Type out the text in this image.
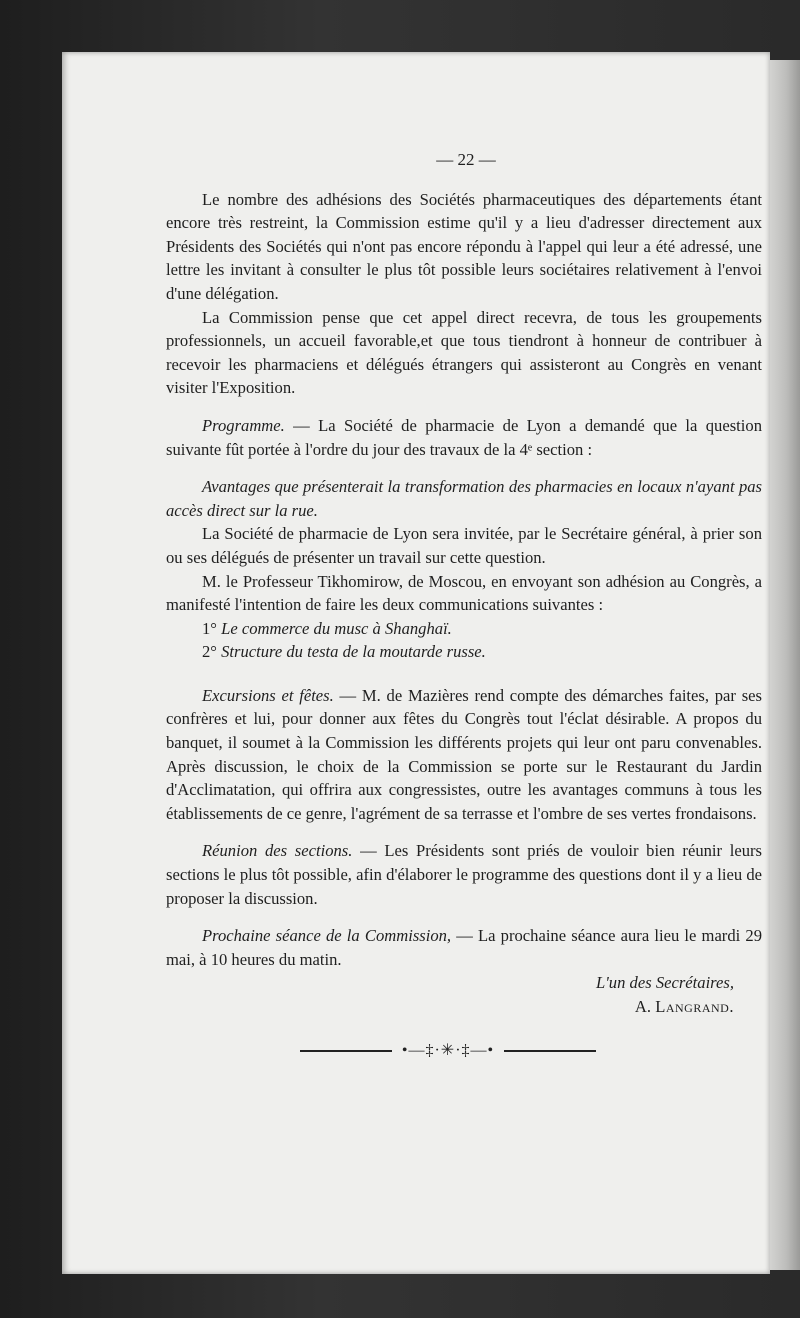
— 22 —

Le nombre des adhésions des Sociétés pharmaceutiques des départements étant encore très restreint, la Commission estime qu'il y a lieu d'adresser directement aux Présidents des Sociétés qui n'ont pas encore répondu à l'appel qui leur a été adressé, une lettre les invitant à consulter le plus tôt possible leurs sociétaires relativement à l'envoi d'une délégation.

La Commission pense que cet appel direct recevra, de tous les groupements professionnels, un accueil favorable,et que tous tiendront à honneur de contribuer à recevoir les pharmaciens et délégués étrangers qui assisteront au Congrès en venant visiter l'Exposition.

Programme. — La Société de pharmacie de Lyon a demandé que la question suivante fût portée à l'ordre du jour des travaux de la 4ᵉ section :

Avantages que présenterait la transformation des pharmacies en locaux n'ayant pas accès direct sur la rue.

La Société de pharmacie de Lyon sera invitée, par le Secrétaire général, à prier son ou ses délégués de présenter un travail sur cette question.

M. le Professeur Tikhomirow, de Moscou, en envoyant son adhésion au Congrès, a manifesté l'intention de faire les deux communications suivantes :

1° Le commerce du musc à Shanghaï.

2° Structure du testa de la moutarde russe.

Excursions et fêtes. — M. de Mazières rend compte des démarches faites, par ses confrères et lui, pour donner aux fêtes du Congrès tout l'éclat désirable. A propos du banquet, il soumet à la Commission les différents projets qui leur ont paru convenables. Après discussion, le choix de la Commission se porte sur le Restaurant du Jardin d'Acclimatation, qui offrira aux congressistes, outre les avantages communs à tous les établissements de ce genre, l'agrément de sa terrasse et l'ombre de ses vertes frondaisons.

Réunion des sections. — Les Présidents sont priés de vouloir bien réunir leurs sections le plus tôt possible, afin d'élaborer le programme des questions dont il y a lieu de proposer la discussion.

Prochaine séance de la Commission, — La prochaine séance aura lieu le mardi 29 mai, à 10 heures du matin.

L'un des Secrétaires,

A. Langrand.

•—‡·✳·‡—•
